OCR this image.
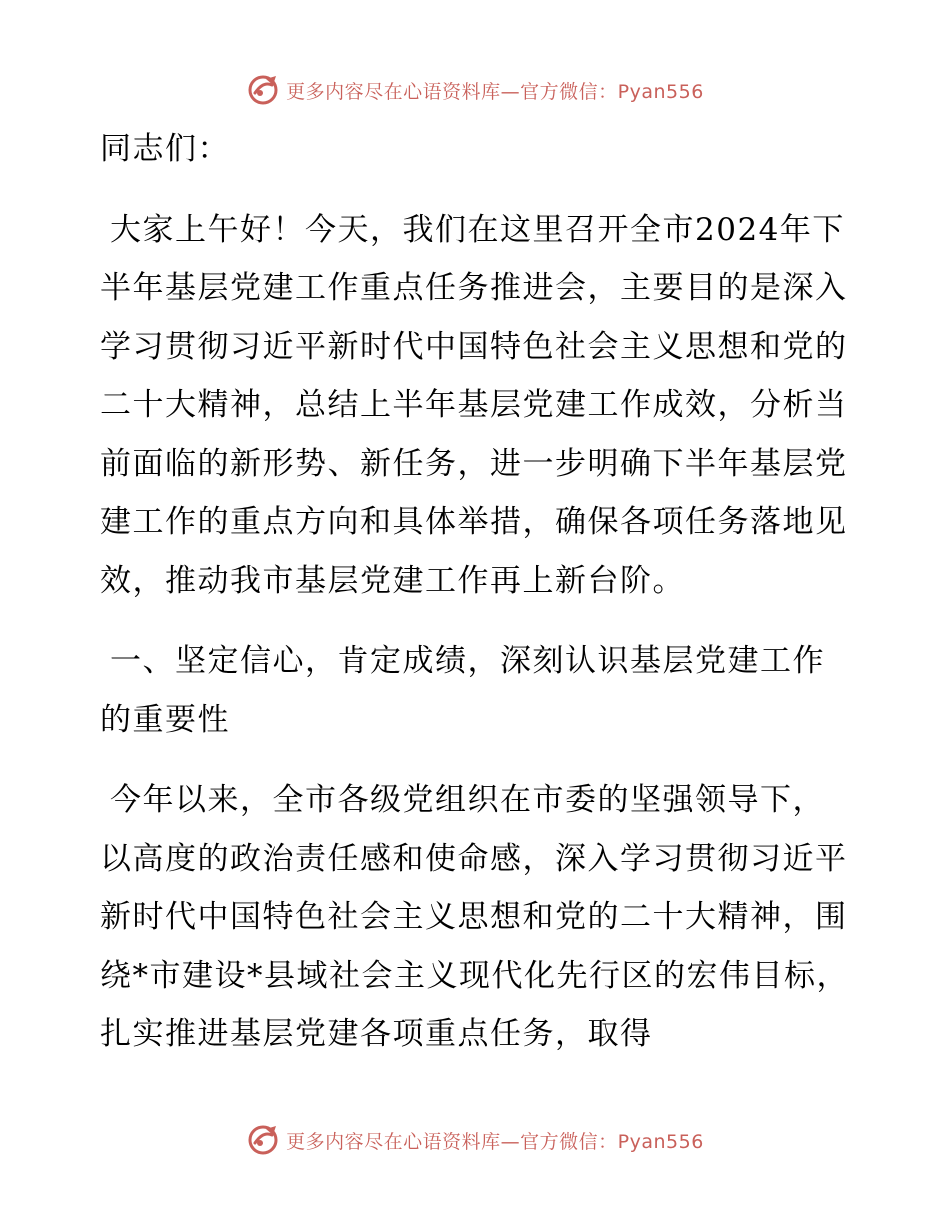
更多内容尽在心语资料库—官方微信：Pyan556

同志们：

大家上午好！今天，我们在这里召开全市2024年下半年基层党建工作重点任务推进会，主要目的是深入学习贯彻习近平新时代中国特色社会主义思想和党的二十大精神，总结上半年基层党建工作成效，分析当前面临的新形势、新任务，进一步明确下半年基层党建工作的重点方向和具体举措，确保各项任务落地见效，推动我市基层党建工作再上新台阶。

一、坚定信心，肯定成绩，深刻认识基层党建工作的重要性

今年以来，全市各级党组织在市委的坚强领导下，以高度的政治责任感和使命感，深入学习贯彻习近平新时代中国特色社会主义思想和党的二十大精神，围绕*市建设*县域社会主义现代化先行区的宏伟目标，扎实推进基层党建各项重点任务，取得

更多内容尽在心语资料库—官方微信：Pyan556
